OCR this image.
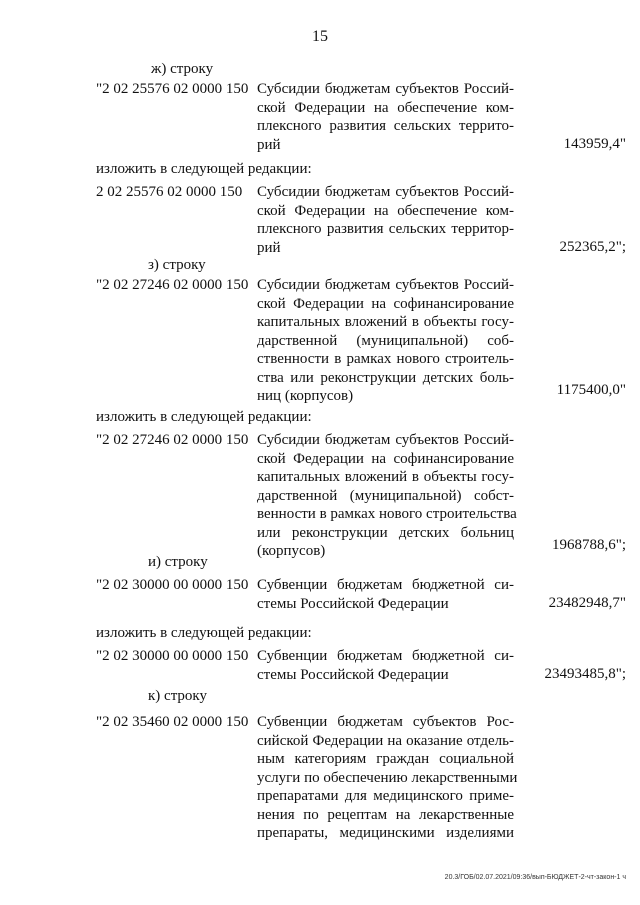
15
ж) строку
"2 02 25576 02 0000 150 Субсидии бюджетам субъектов Россий-
ской Федерации на обеспечение ком-
плексного развития сельских террито-
рий	143959,4"
изложить в следующей редакции:
2 02 25576 02 0000 150 Субсидии бюджетам субъектов Россий-
ской Федерации на обеспечение ком-
плексного развития сельских территор-
рий	252365,2";
з) строку
"2 02 27246 02 0000 150 Субсидии бюджетам субъектов Россий-
ской Федерации на софинансирование
капитальных вложений в объекты госу-
дарственной (муниципальной) соб-
ственности в рамках нового строитель-
ства или реконструкции детских боль-
ниц (корпусов)	1175400,0"
изложить в следующей редакции:
"2 02 27246 02 0000 150 Субсидии бюджетам субъектов Россий-
ской Федерации на софинансирование
капитальных вложений в объекты госу-
дарственной (муниципальной) собст-
венности в рамках нового строительства
или реконструкции детских больниц
(корпусов)	1968788,6";
и) строку
"2 02 30000 00 0000 150 Субвенции бюджетам бюджетной си-
стемы Российской Федерации	23482948,7"
изложить в следующей редакции:
"2 02 30000 00 0000 150 Субвенции бюджетам бюджетной си-
стемы Российской Федерации	23493485,8";
к) строку
"2 02 35460 02 0000 150 Субвенции бюджетам субъектов Рос-
сийской Федерации на оказание отдель-
ным категориям граждан социальной
услуги по обеспечению лекарственными
препаратами для медицинского приме-
нения по рецептам на лекарственные
препараты, медицинскими изделиями
20.3/ГОБ/02.07.2021/09:36/вып-БЮДЖЕТ-2-чт-закон-1 ч
